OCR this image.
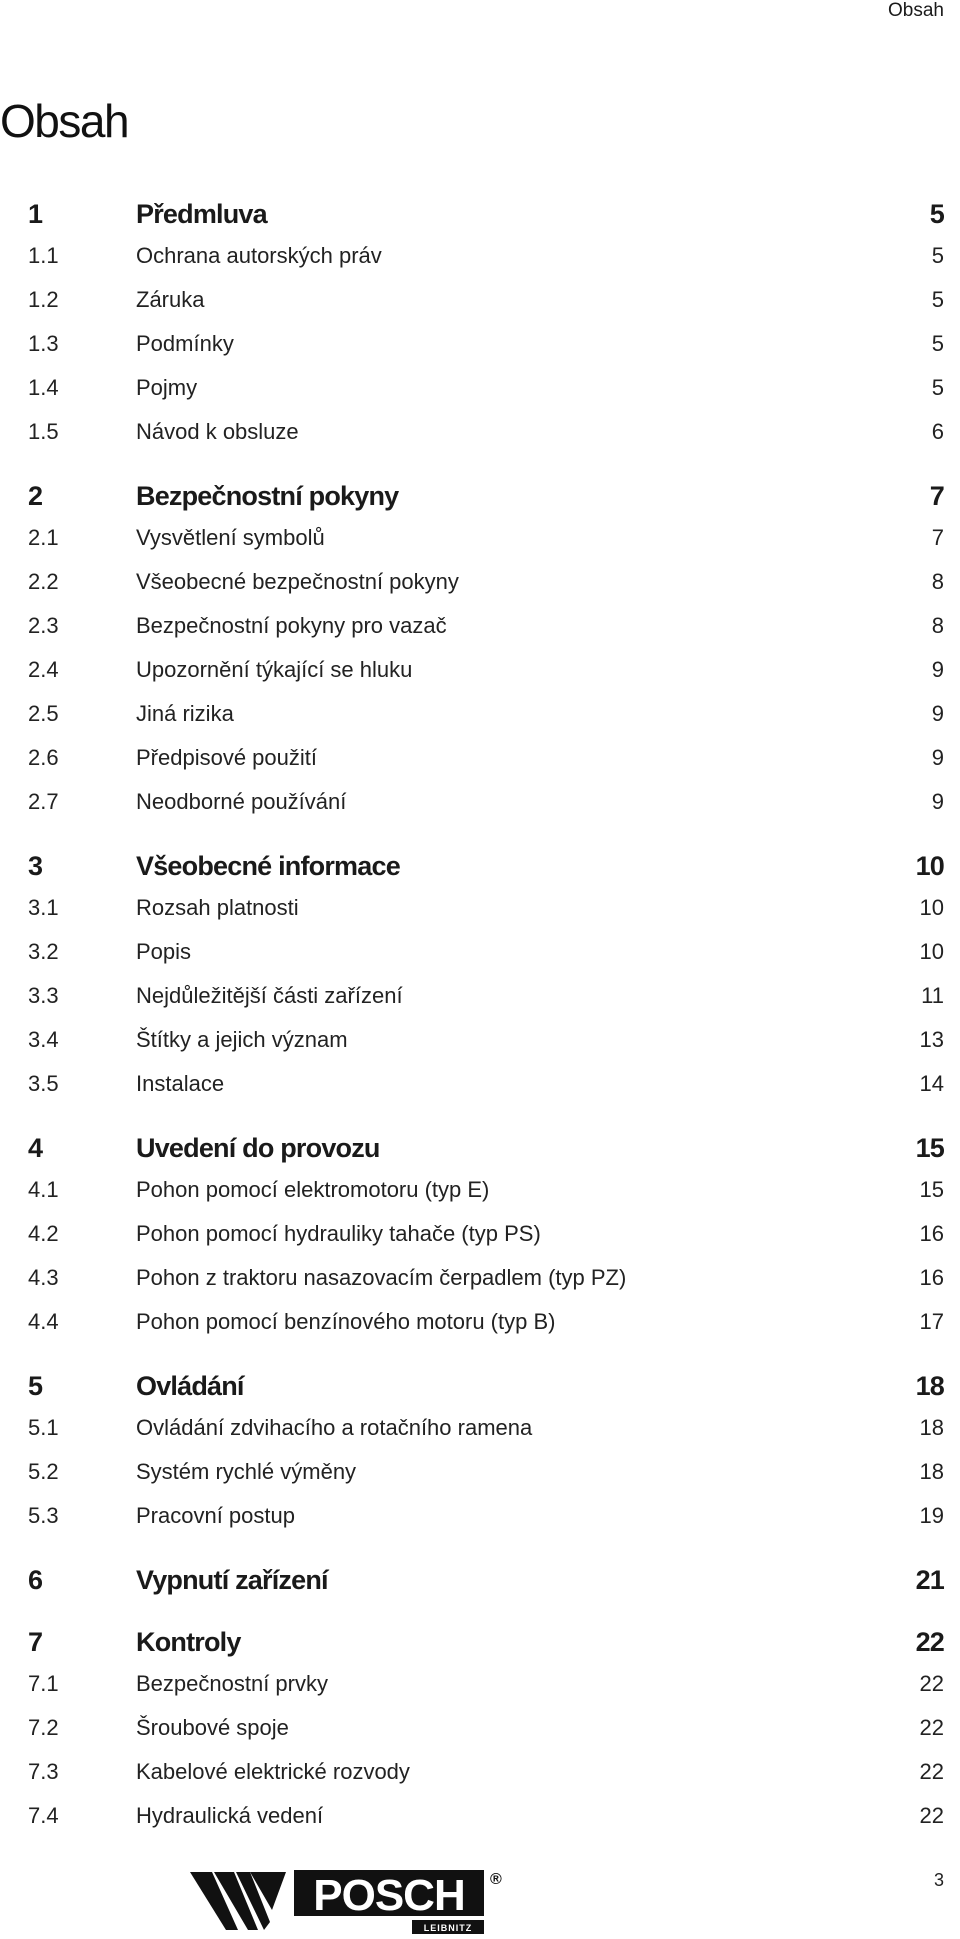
Obsah
Obsah
1	Předmluva	5
1.1	Ochrana autorských práv	5
1.2	Záruka	5
1.3	Podmínky	5
1.4	Pojmy	5
1.5	Návod k obsluze	6
2	Bezpečnostní pokyny	7
2.1	Vysvětlení symbolů	7
2.2	Všeobecné bezpečnostní pokyny	8
2.3	Bezpečnostní pokyny pro vazač	8
2.4	Upozornění týkající se hluku	9
2.5	Jiná rizika	9
2.6	Předpisové použití	9
2.7	Neodborné používání	9
3	Všeobecné informace	10
3.1	Rozsah platnosti	10
3.2	Popis	10
3.3	Nejdůležitější části zařízení	11
3.4	Štítky a jejich význam	13
3.5	Instalace	14
4	Uvedení do provozu	15
4.1	Pohon pomocí elektromotoru (typ E)	15
4.2	Pohon pomocí hydrauliky tahače (typ PS)	16
4.3	Pohon z traktoru nasazovacím čerpadlem (typ PZ)	16
4.4	Pohon pomocí benzínového motoru (typ B)	17
5	Ovládání	18
5.1	Ovládání zdvihacího a rotačního ramena	18
5.2	Systém rychlé výměny	18
5.3	Pracovní postup	19
6	Vypnutí zařízení	21
7	Kontroly	22
7.1	Bezpečnostní prvky	22
7.2	Šroubové spoje	22
7.3	Kabelové elektrické rozvody	22
7.4	Hydraulická vedení	22
POSCH ®
LEIBNITZ
3
